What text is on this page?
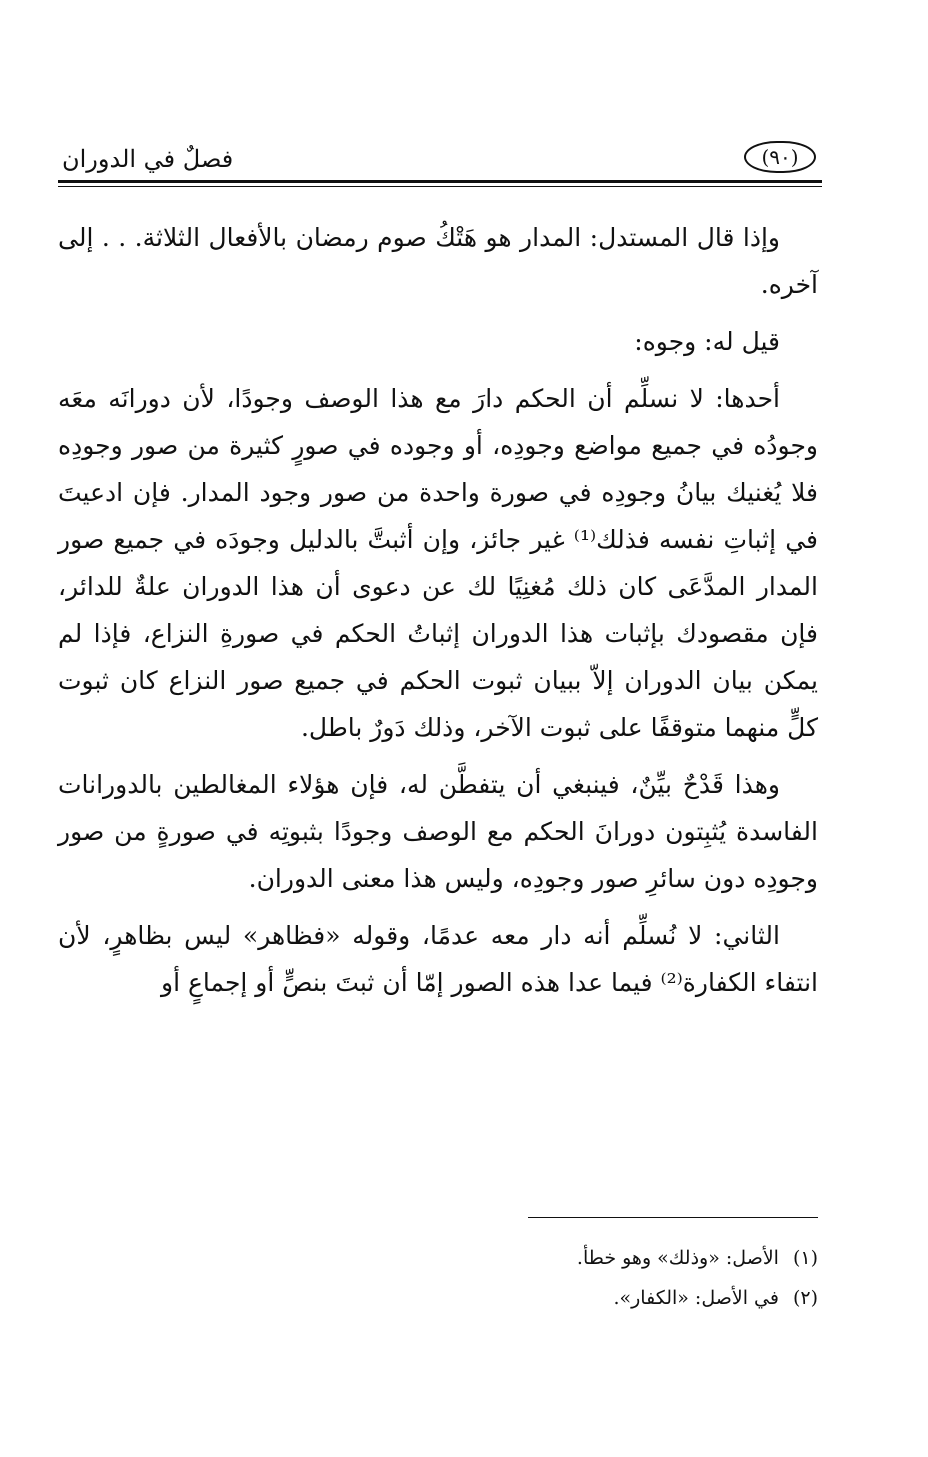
فصلٌ في الدوران	(٩٠)

وإذا قال المستدل: المدار هو هَتْكُ صوم رمضان بالأفعال الثلاثة. . . إلى آخره.

قيل له: وجوه:

أحدها: لا نسلِّم أن الحكم دارَ مع هذا الوصف وجودًا، لأن دورانَه معَه وجودُه في جميع مواضع وجودِه، أو وجوده في صورٍ كثيرة من صور وجودِه فلا يُغنيك بيانُ وجودِه في صورة واحدة من صور وجود المدار. فإن ادعيتَ في إثباتِ نفسه فذلك⁽¹⁾ غير جائز، وإن أثبتَّ بالدليل وجودَه في جميع صور المدار المدَّعَى كان ذلك مُغنِيًا لك عن دعوى أن هذا الدوران علةٌ للدائر، فإن مقصودك بإثبات هذا الدوران إثباتُ الحكم في صورةِ النزاع، فإذا لم يمكن بيان الدوران إلاّ ببيان ثبوت الحكم في جميع صور النزاع كان ثبوت كلٍّ منهما متوقفًا على ثبوت الآخر، وذلك دَورٌ باطل.

وهذا قَدْحٌ بيِّنٌ، فينبغي أن يتفطَّن له، فإن هؤلاء المغالطين بالدورانات الفاسدة يُثبِتون دورانَ الحكم مع الوصف وجودًا بثبوتِه في صورةٍ من صور وجودِه دون سائرِ صور وجودِه، وليس هذا معنى الدوران.

الثاني: لا نُسلِّم أنه دار معه عدمًا، وقوله «فظاهر» ليس بظاهرٍ، لأن انتفاء الكفارة⁽²⁾ فيما عدا هذه الصور إمّا أن ثبتَ بنصٍّ أو إجماعٍ أو

(١)الأصل: «وذلك» وهو خطأ.
(٢)في الأصل: «الكفار».
